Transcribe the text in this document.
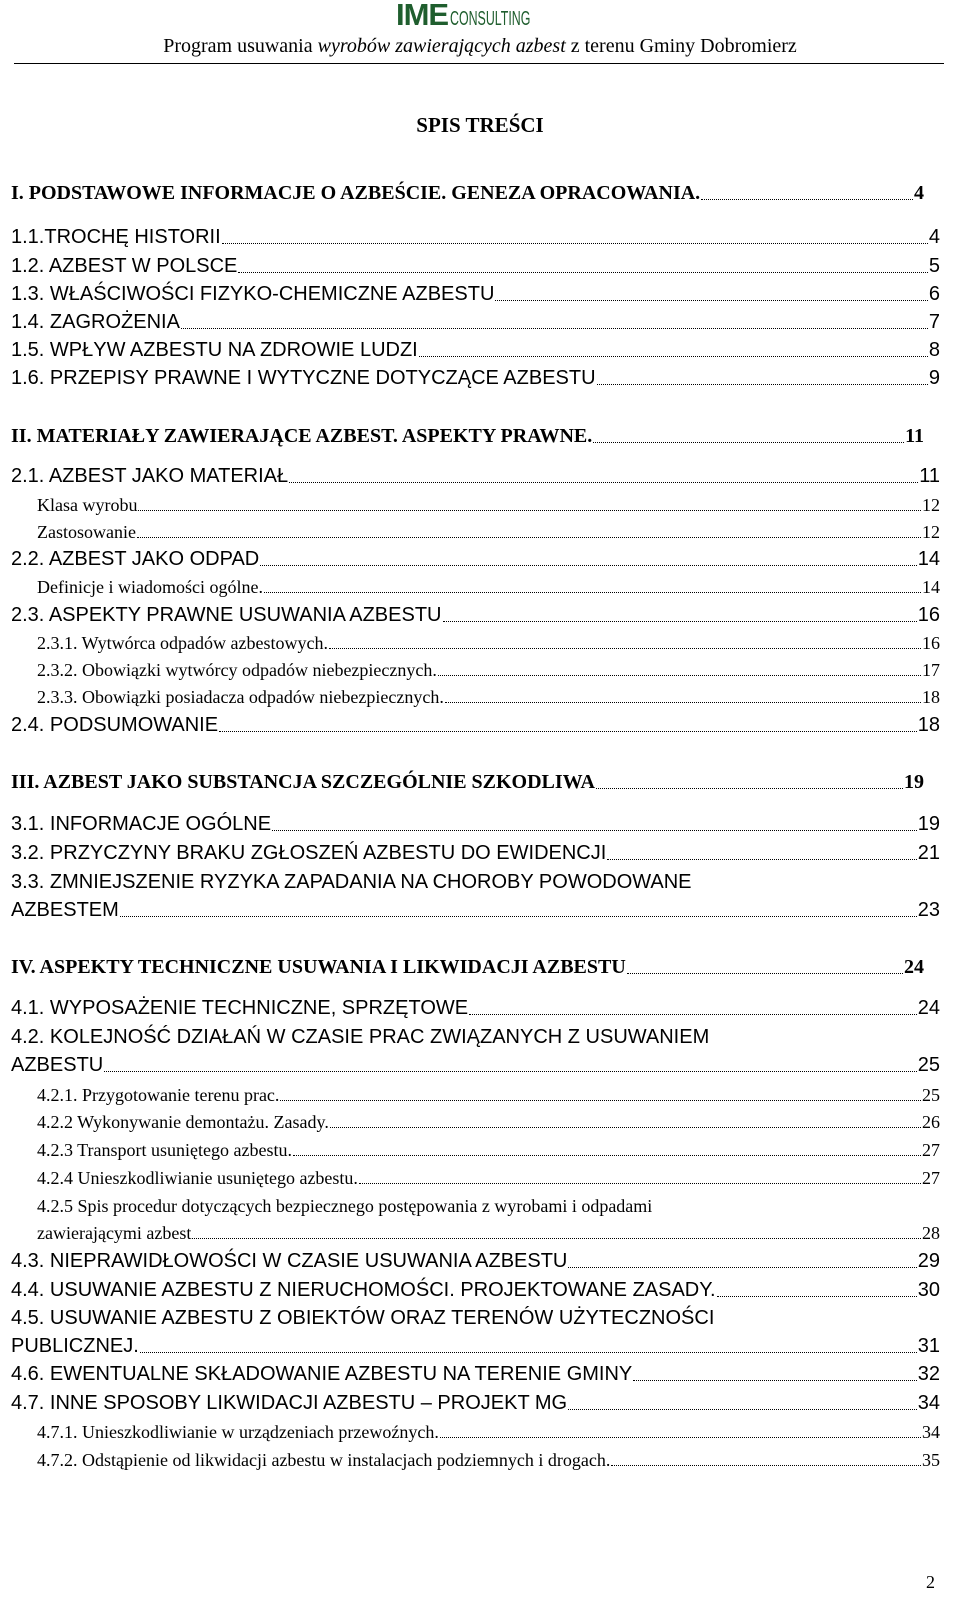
IME CONSULTING
Program usuwania wyrobów zawierających azbest z terenu Gminy Dobromierz
SPIS TREŚCI
I. PODSTAWOWE INFORMACJE O AZBEŚCIE. GENEZA OPRACOWANIA.	4
1.1.TROCHĘ HISTORII	4
1.2. AZBEST W POLSCE	5
1.3. WŁAŚCIWOŚCI FIZYKO-CHEMICZNE AZBESTU	6
1.4. ZAGROŻENIA	7
1.5. WPŁYW AZBESTU NA ZDROWIE LUDZI	8
1.6. PRZEPISY PRAWNE I WYTYCZNE DOTYCZĄCE AZBESTU	9
II. MATERIAŁY ZAWIERAJĄCE AZBEST. ASPEKTY PRAWNE.	11
2.1. AZBEST JAKO MATERIAŁ	11
Klasa wyrobu	12
Zastosowanie	12
2.2. AZBEST JAKO ODPAD	14
Definicje i wiadomości ogólne.	14
2.3. ASPEKTY PRAWNE USUWANIA AZBESTU	16
2.3.1. Wytwórca odpadów azbestowych.	16
2.3.2. Obowiązki wytwórcy odpadów niebezpiecznych.	17
2.3.3. Obowiązki posiadacza odpadów niebezpiecznych.	18
2.4. PODSUMOWANIE	18
III. AZBEST JAKO SUBSTANCJA SZCZEGÓLNIE SZKODLIWA	19
3.1. INFORMACJE OGÓLNE	19
3.2. PRZYCZYNY BRAKU ZGŁOSZEŃ AZBESTU DO EWIDENCJI	21
3.3. ZMNIEJSZENIE RYZYKA ZAPADANIA NA CHOROBY POWODOWANE
AZBESTEM	23
IV. ASPEKTY TECHNICZNE USUWANIA I LIKWIDACJI AZBESTU	24
4.1. WYPOSAŻENIE TECHNICZNE, SPRZĘTOWE	24
4.2. KOLEJNOŚĆ DZIAŁAŃ W CZASIE PRAC ZWIĄZANYCH Z USUWANIEM
AZBESTU	25
4.2.1. Przygotowanie terenu prac.	25
4.2.2 Wykonywanie demontażu. Zasady.	26
4.2.3 Transport usuniętego azbestu.	27
4.2.4 Unieszkodliwianie usuniętego azbestu.	27
4.2.5 Spis procedur dotyczących bezpiecznego postępowania z wyrobami i odpadami
zawierającymi azbest	28
4.3. NIEPRAWIDŁOWOŚCI W CZASIE USUWANIA AZBESTU	29
4.4. USUWANIE AZBESTU Z NIERUCHOMOŚCI. PROJEKTOWANE ZASADY.	30
4.5. USUWANIE AZBESTU Z OBIEKTÓW ORAZ TERENÓW UŻYTECZNOŚCI
PUBLICZNEJ.	31
4.6. EWENTUALNE SKŁADOWANIE AZBESTU NA TERENIE GMINY	32
4.7. INNE SPOSOBY LIKWIDACJI AZBESTU – PROJEKT MG	34
4.7.1. Unieszkodliwianie w urządzeniach przewoźnych.	34
4.7.2. Odstąpienie od likwidacji azbestu w instalacjach podziemnych i drogach.	35
2
